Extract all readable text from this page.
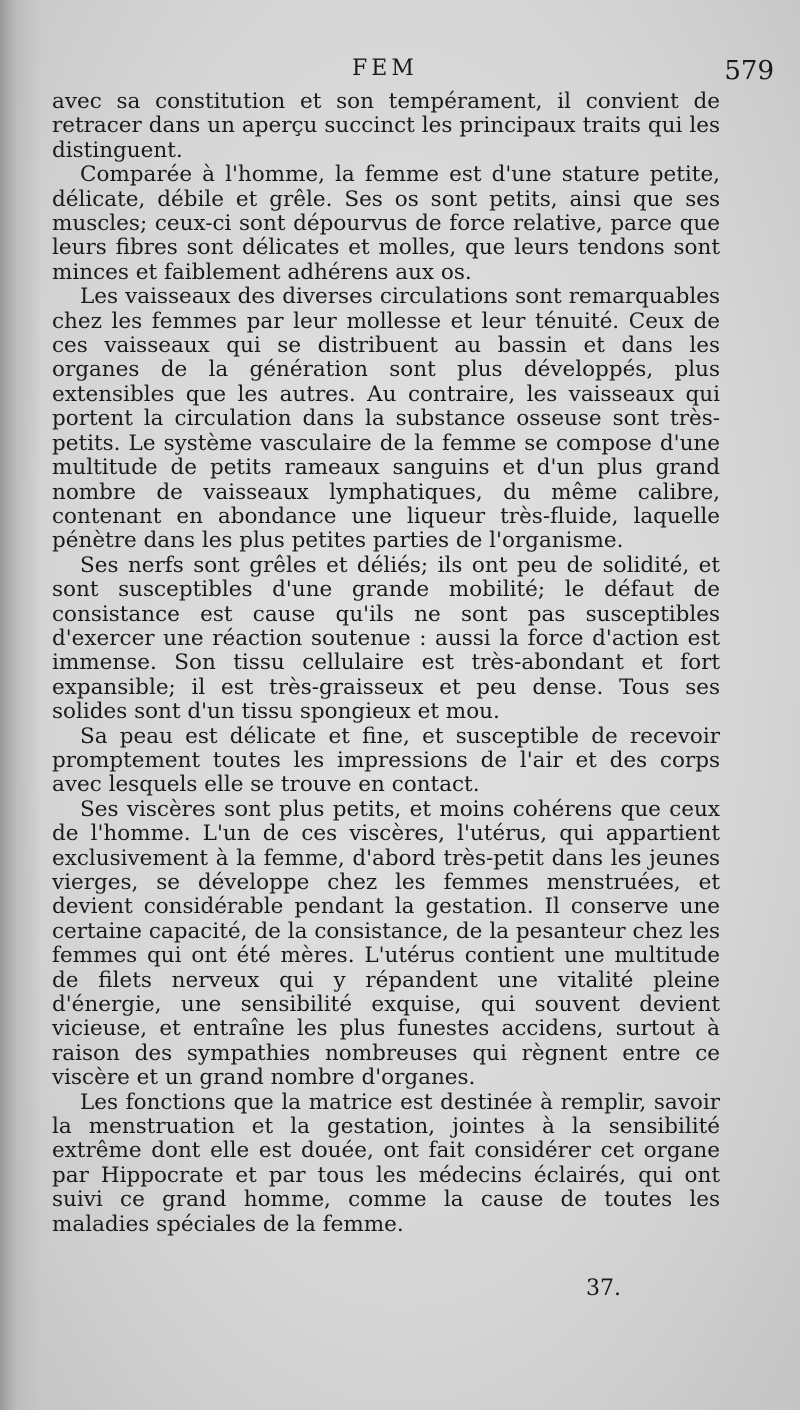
FEM	579

avec sa constitution et son tempérament, il convient de retracer dans un aperçu succinct les principaux traits qui les distinguent.

Comparée à l'homme, la femme est d'une stature petite, délicate, débile et grêle. Ses os sont petits, ainsi que ses muscles; ceux-ci sont dépourvus de force relative, parce que leurs fibres sont délicates et molles, que leurs tendons sont minces et faiblement adhérens aux os.

Les vaisseaux des diverses circulations sont remarquables chez les femmes par leur mollesse et leur ténuité. Ceux de ces vaisseaux qui se distribuent au bassin et dans les organes de la génération sont plus développés, plus extensibles que les autres. Au contraire, les vaisseaux qui portent la circulation dans la substance osseuse sont très-petits. Le système vasculaire de la femme se compose d'une multitude de petits rameaux sanguins et d'un plus grand nombre de vaisseaux lymphatiques, du même calibre, contenant en abondance une liqueur très-fluide, laquelle pénètre dans les plus petites parties de l'organisme.

Ses nerfs sont grêles et déliés; ils ont peu de solidité, et sont susceptibles d'une grande mobilité; le défaut de consistance est cause qu'ils ne sont pas susceptibles d'exercer une réaction soutenue : aussi la force d'action est immense. Son tissu cellulaire est très-abondant et fort expansible; il est très-graisseux et peu dense. Tous ses solides sont d'un tissu spongieux et mou.

Sa peau est délicate et fine, et susceptible de recevoir promptement toutes les impressions de l'air et des corps avec lesquels elle se trouve en contact.

Ses viscères sont plus petits, et moins cohérens que ceux de l'homme. L'un de ces viscères, l'utérus, qui appartient exclusivement à la femme, d'abord très-petit dans les jeunes vierges, se développe chez les femmes menstruées, et devient considérable pendant la gestation. Il conserve une certaine capacité, de la consistance, de la pesanteur chez les femmes qui ont été mères. L'utérus contient une multitude de filets nerveux qui y répandent une vitalité pleine d'énergie, une sensibilité exquise, qui souvent devient vicieuse, et entraîne les plus funestes accidens, surtout à raison des sympathies nombreuses qui règnent entre ce viscère et un grand nombre d'organes.

Les fonctions que la matrice est destinée à remplir, savoir la menstruation et la gestation, jointes à la sensibilité extrême dont elle est douée, ont fait considérer cet organe par Hippocrate et par tous les médecins éclairés, qui ont suivi ce grand homme, comme la cause de toutes les maladies spéciales de la femme.

37.
